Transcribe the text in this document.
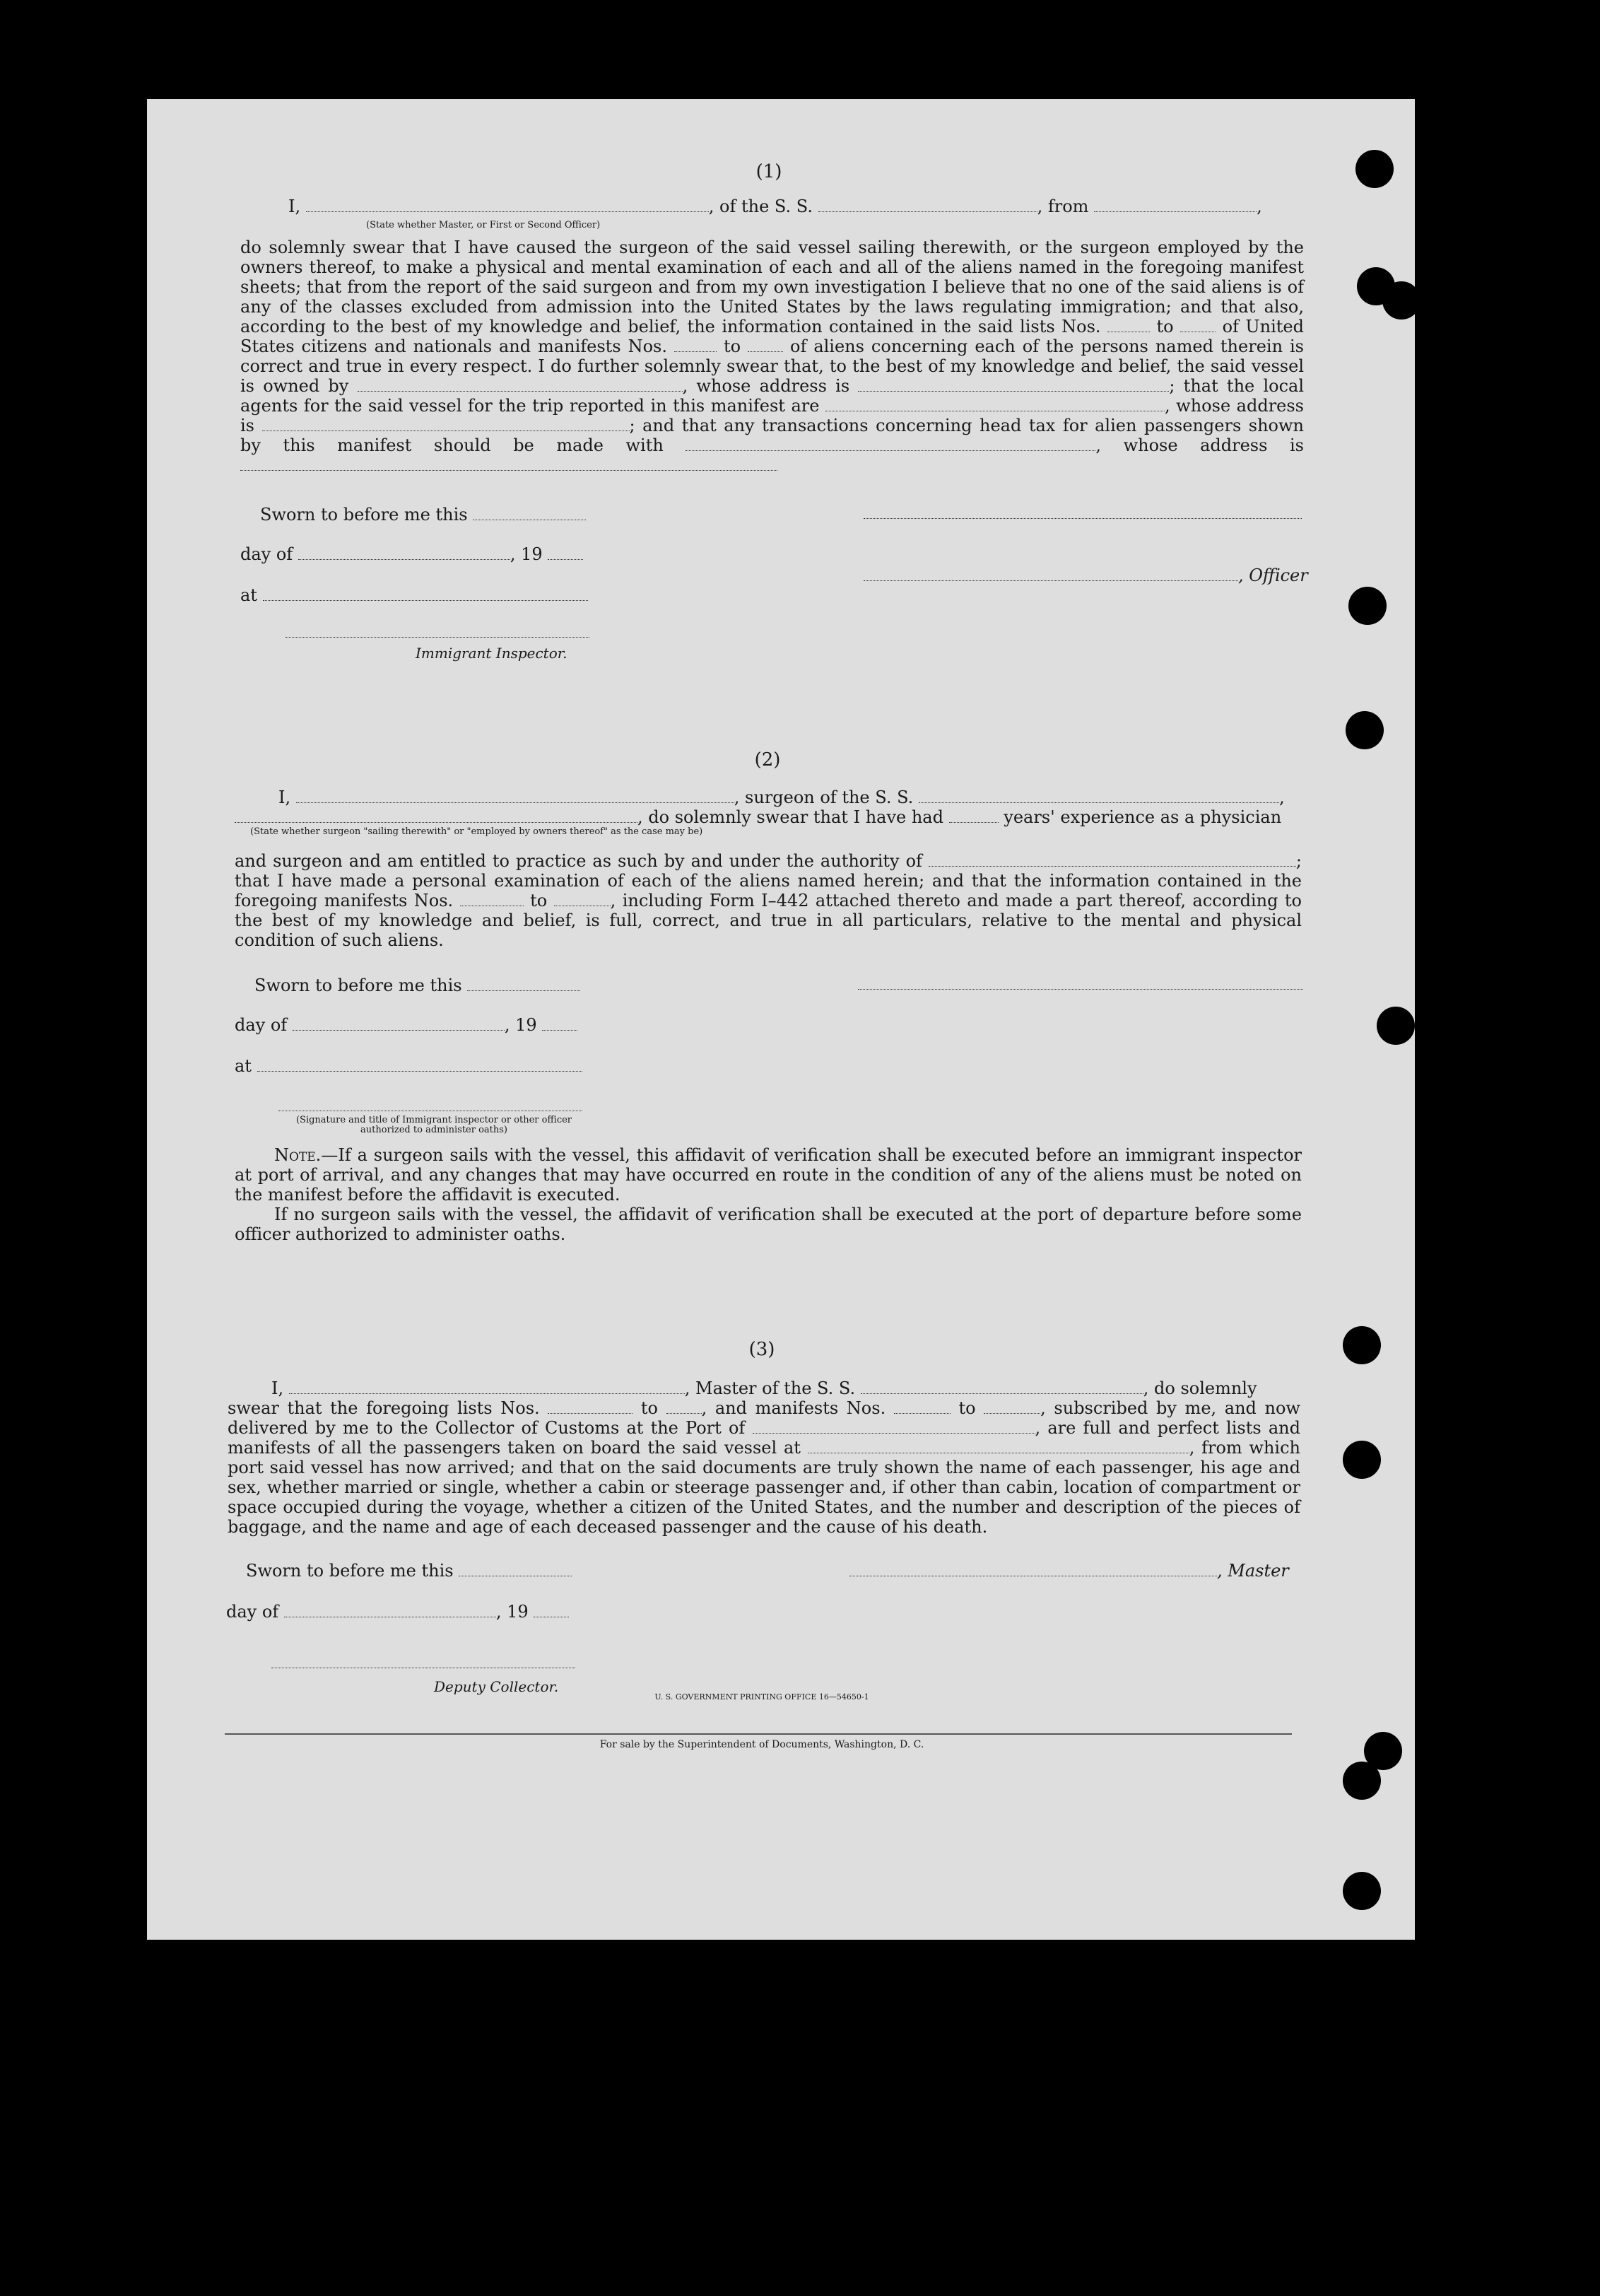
(1)
I,	, of the S. S.	, from	,
(State whether Master, or First or Second Officer)
do solemnly swear that I have caused the surgeon of the said vessel sailing therewith, or the surgeon employed by the owners thereof, to make a physical and mental examination of each and all of the aliens named in the foregoing manifest sheets; that from the report of the said surgeon and from my own investigation I believe that no one of the said aliens is of any of the classes excluded from admission into the United States by the laws regulating immigration; and that also, according to the best of my knowledge and belief, the information contained in the said lists Nos.	to	of United States citizens and nationals and manifests Nos.	to	of aliens concerning each of the persons named therein is correct and true in every respect. I do further solemnly swear that, to the best of my knowledge and belief, the said vessel is owned by	, whose address is	; that the local agents for the said vessel for the trip reported in this manifest are	, whose address is	; and that any transactions concerning head tax for alien passengers shown by this manifest should be made with	, whose address is
Sworn to before me this
day of	, 19
at
, Officer
Immigrant Inspector.
(2)
I,	, surgeon of the S. S.	,
, do solemnly swear that I have had	years' experience as a physician
(State whether surgeon "sailing therewith" or "employed by owners thereof" as the case may be)
and surgeon and am entitled to practice as such by and under the authority of	; that I have made a personal examination of each of the aliens named herein; and that the information contained in the foregoing manifests Nos.	to	, including Form I–442 attached thereto and made a part thereof, according to the best of my knowledge and belief, is full, correct, and true in all particulars, relative to the mental and physical condition of such aliens.
Sworn to before me this
day of	, 19
at
(Signature and title of Immigrant inspector or other officer authorized to administer oaths)
Note.—If a surgeon sails with the vessel, this affidavit of verification shall be executed before an immigrant inspector at port of arrival, and any changes that may have occurred en route in the condition of any of the aliens must be noted on the manifest before the affidavit is executed.
If no surgeon sails with the vessel, the affidavit of verification shall be executed at the port of departure before some officer authorized to administer oaths.
(3)
I,	, Master of the S. S.	, do solemnly
swear that the foregoing lists Nos.	to	, and manifests Nos.	to	, subscribed by me, and now delivered by me to the Collector of Customs at the Port of	, are full and perfect lists and manifests of all the passengers taken on board the said vessel at	, from which port said vessel has now arrived; and that on the said documents are truly shown the name of each passenger, his age and sex, whether married or single, whether a cabin or steerage passenger and, if other than cabin, location of compartment or space occupied during the voyage, whether a citizen of the United States, and the number and description of the pieces of baggage, and the name and age of each deceased passenger and the cause of his death.
Sworn to before me this	, Master
day of	, 19
Deputy Collector.
U. S. GOVERNMENT PRINTING OFFICE 16—54650-1
For sale by the Superintendent of Documents, Washington, D. C.
